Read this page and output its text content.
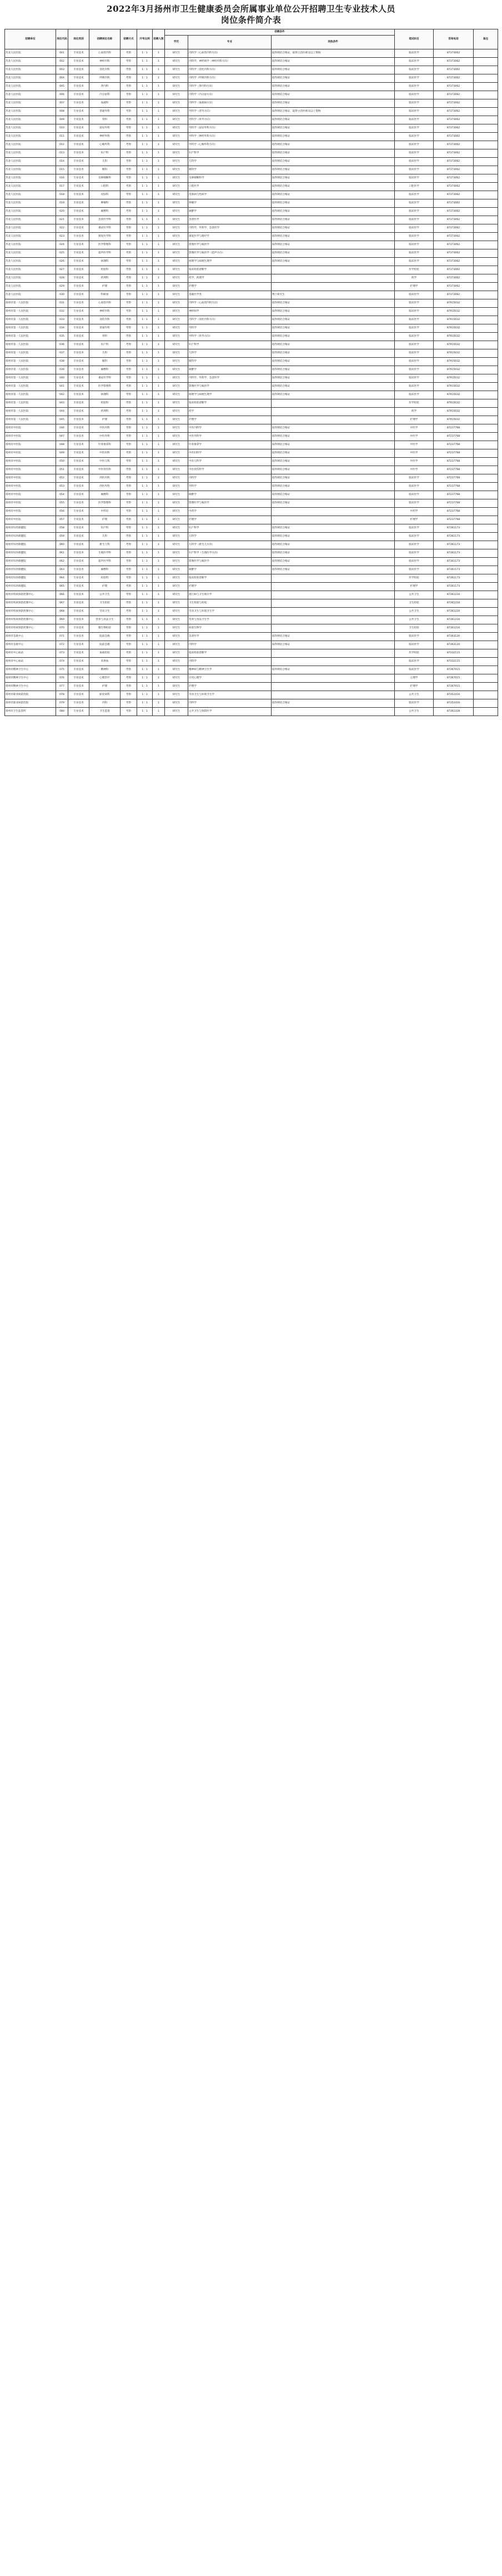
2022年3月扬州市卫生健康委员会所属事业单位公开招聘卫生专业技术人员
岗位条件简介表
招聘单位	岗位代码	岗位类别	招聘岗位名称	招聘方式	开考比例	招聘人数	招聘条件			笔试科目	咨询电话	备注
							学历	专业	其他条件			
苏北人民医院	001	专业技术	心血管内科	考察	1：1	1	研究生	内科学（心血管内科方向）	取得规培合格证，取得主治医师及以上资格	临床医学	87373062	
苏北人民医院	002	专业技术	神经内科	考察	1：1	1	研究生	内科学、神经病学（神经内科方向）	取得规培合格证	临床医学	87373062	
苏北人民医院	003	专业技术	消化内科	考察	1：1	1	研究生	内科学（消化内科方向）	取得规培合格证	临床医学	87373062	
苏北人民医院	004	专业技术	呼吸内科	考察	1：1	1	研究生	内科学（呼吸内科方向）	取得规培合格证	临床医学	87373062	
苏北人民医院	005	专业技术	肾内科	考察	1：1	1	研究生	内科学（肾内科方向）	取得规培合格证	临床医学	87373062	
苏北人民医院	006	专业技术	内分泌科	考察	1：1	1	研究生	内科学（内分泌方向）	取得规培合格证	临床医学	87373062	
苏北人民医院	007	专业技术	血液科	考察	1：1	1	研究生	内科学（血液病方向）	取得规培合格证	临床医学	87373062	
苏北人民医院	008	专业技术	普通外科	考察	1：1	1	研究生	外科学（普外方向）	取得规培合格证，取得主治医师及以上资格	临床医学	87373062	
苏北人民医院	009	专业技术	骨科	考察	1：1	1	研究生	外科学（骨外方向）	取得规培合格证	临床医学	87373062	
苏北人民医院	010	专业技术	泌尿外科	考察	1：1	1	研究生	外科学（泌尿外科方向）	取得规培合格证	临床医学	87373062	
苏北人民医院	011	专业技术	神经外科	考察	1：1	1	研究生	外科学（神经外科方向）	取得规培合格证	临床医学	87373062	
苏北人民医院	012	专业技术	心胸外科	考察	1：1	1	研究生	外科学（心胸外科方向）	取得规培合格证	临床医学	87373062	
苏北人民医院	013	专业技术	妇产科	考察	1：1	1	研究生	妇产科学	取得规培合格证	临床医学	87373062	
苏北人民医院	014	专业技术	儿科	考察	1：1	1	研究生	儿科学	取得规培合格证	临床医学	87373062	
苏北人民医院	015	专业技术	眼科	考察	1：1	1	研究生	眼科学	取得规培合格证	临床医学	87373062	
苏北人民医院	016	专业技术	耳鼻咽喉科	考察	1：1	1	研究生	耳鼻咽喉科学	取得规培合格证	临床医学	87373062	
苏北人民医院	017	专业技术	口腔科	考察	1：1	1	研究生	口腔医学	取得规培合格证	口腔医学	87373062	
苏北人民医院	018	专业技术	皮肤科	考察	1：1	1	研究生	皮肤病与性病学	取得规培合格证	临床医学	87373062	
苏北人民医院	019	专业技术	肿瘤科	考察	1：1	1	研究生	肿瘤学	取得规培合格证	临床医学	87373062	
苏北人民医院	020	专业技术	麻醉科	考察	1：1	1	研究生	麻醉学	取得规培合格证	临床医学	87373062	
苏北人民医院	021	专业技术	急诊医学科	考察	1：1	1	研究生	急诊医学	取得规培合格证	临床医学	87373062	
苏北人民医院	022	专业技术	重症医学科	考察	1：1	1	研究生	内科学、外科学、急诊医学	取得规培合格证	临床医学	87373062	
苏北人民医院	023	专业技术	康复医学科	考察	1：1	1	研究生	康复医学与理疗学	取得规培合格证	临床医学	87373062	
苏北人民医院	024	专业技术	医学影像科	考察	1：1	1	研究生	影像医学与核医学	取得规培合格证	临床医学	87373062	
苏北人民医院	025	专业技术	超声医学科	考察	1：1	1	研究生	影像医学与核医学（超声方向）	取得规培合格证	临床医学	87373062	
苏北人民医院	026	专业技术	病理科	考察	1：1	1	研究生	病理学与病理生理学	取得规培合格证	临床医学	87373062	
苏北人民医院	027	专业技术	检验科	考察	1：1	1	研究生	临床检验诊断学		医学检验	87373062	
苏北人民医院	028	专业技术	药剂科	考察	1：1	1	研究生	药学、药理学		药学	87373062	
苏北人民医院	029	专业技术	护理	考察	1：1	1	研究生	护理学		护理学	87373062	
苏北人民医院	030	专业技术	科研岗	考察	1：1	1	研究生	基础医学类	博士研究生	临床医学	87373062	
扬州市第一人民医院	031	专业技术	心血管内科	考察	1：1	1	研究生	内科学（心血管内科方向）	取得规培合格证	临床医学	87915032	
扬州市第一人民医院	032	专业技术	神经内科	考察	1：1	1	研究生	神经病学	取得规培合格证	临床医学	87915032	
扬州市第一人民医院	033	专业技术	消化内科	考察	1：1	1	研究生	内科学（消化内科方向）	取得规培合格证	临床医学	87915032	
扬州市第一人民医院	034	专业技术	普通外科	考察	1：1	1	研究生	外科学	取得规培合格证	临床医学	87915032	
扬州市第一人民医院	035	专业技术	骨科	考察	1：1	1	研究生	外科学（骨外方向）	取得规培合格证	临床医学	87915032	
扬州市第一人民医院	036	专业技术	妇产科	考察	1：1	1	研究生	妇产科学	取得规培合格证	临床医学	87915032	
扬州市第一人民医院	037	专业技术	儿科	考察	1：1	1	研究生	儿科学	取得规培合格证	临床医学	87915032	
扬州市第一人民医院	038	专业技术	眼科	考察	1：1	1	研究生	眼科学	取得规培合格证	临床医学	87915032	
扬州市第一人民医院	039	专业技术	麻醉科	考察	1：1	1	研究生	麻醉学	取得规培合格证	临床医学	87915032	
扬州市第一人民医院	040	专业技术	重症医学科	考察	1：1	1	研究生	内科学、外科学、急诊医学	取得规培合格证	临床医学	87915032	
扬州市第一人民医院	041	专业技术	医学影像科	考察	1：1	1	研究生	影像医学与核医学	取得规培合格证	临床医学	87915032	
扬州市第一人民医院	042	专业技术	病理科	考察	1：1	1	研究生	病理学与病理生理学	取得规培合格证	临床医学	87915032	
扬州市第一人民医院	043	专业技术	检验科	考察	1：1	1	研究生	临床检验诊断学		医学检验	87915032	
扬州市第一人民医院	044	专业技术	药剂科	考察	1：1	1	研究生	药学		药学	87915032	
扬州市第一人民医院	045	专业技术	护理	考察	1：1	1	研究生	护理学		护理学	87915032	
扬州市中医院	046	专业技术	中医内科	考察	1：1	1	研究生	中医内科学	取得规培合格证	中医学	87237768	
扬州市中医院	047	专业技术	中医外科	考察	1：1	1	研究生	中医外科学	取得规培合格证	中医学	87237768	
扬州市中医院	048	专业技术	针灸推拿科	考察	1：1	1	研究生	针灸推拿学	取得规培合格证	中医学	87237768	
扬州市中医院	049	专业技术	中医妇科	考察	1：1	1	研究生	中医妇科学	取得规培合格证	中医学	87237768	
扬州市中医院	050	专业技术	中医儿科	考察	1：1	1	研究生	中医儿科学	取得规培合格证	中医学	87237768	
扬州市中医院	051	专业技术	中医骨伤科	考察	1：1	1	研究生	中医骨伤科学	取得规培合格证	中医学	87237768	
扬州市中医院	052	专业技术	西医内科	考察	1：1	1	研究生	内科学	取得规培合格证	临床医学	87237768	
扬州市中医院	053	专业技术	西医外科	考察	1：1	1	研究生	外科学	取得规培合格证	临床医学	87237768	
扬州市中医院	054	专业技术	麻醉科	考察	1：1	1	研究生	麻醉学	取得规培合格证	临床医学	87237768	
扬州市中医院	055	专业技术	医学影像科	考察	1：1	1	研究生	影像医学与核医学	取得规培合格证	临床医学	87237768	
扬州市中医院	056	专业技术	中药房	考察	1：1	1	研究生	中药学		中药学	87237768	
扬州市中医院	057	专业技术	护理	考察	1：1	1	研究生	护理学		护理学	87237768	
扬州市妇幼保健院	058	专业技术	妇产科	考察	1：1	1	研究生	妇产科学	取得规培合格证	临床医学	87361173	
扬州市妇幼保健院	059	专业技术	儿科	考察	1：1	1	研究生	儿科学	取得规培合格证	临床医学	87361173	
扬州市妇幼保健院	060	专业技术	新生儿科	考察	1：1	1	研究生	儿科学（新生儿方向）	取得规培合格证	临床医学	87361173	
扬州市妇幼保健院	061	专业技术	生殖医学科	考察	1：1	1	研究生	妇产科学（生殖医学方向）	取得规培合格证	临床医学	87361173	
扬州市妇幼保健院	062	专业技术	超声医学科	考察	1：1	1	研究生	影像医学与核医学	取得规培合格证	临床医学	87361173	
扬州市妇幼保健院	063	专业技术	麻醉科	考察	1：1	1	研究生	麻醉学	取得规培合格证	临床医学	87361173	
扬州市妇幼保健院	064	专业技术	检验科	考察	1：1	1	研究生	临床检验诊断学		医学检验	87361173	
扬州市妇幼保健院	065	专业技术	护理	考察	1：1	1	研究生	护理学		护理学	87361173	
扬州市疾病预防控制中心	066	专业技术	公共卫生	考察	1：1	1	研究生	流行病与卫生统计学		公共卫生	87361216	
扬州市疾病预防控制中心	067	专业技术	卫生检验	考察	1：1	1	研究生	卫生检验与检疫		卫生检验	87361216	
扬州市疾病预防控制中心	068	专业技术	劳动卫生	考察	1：1	1	研究生	劳动卫生与环境卫生学		公共卫生	87361216	
扬州市疾病预防控制中心	069	专业技术	营养与食品卫生	考察	1：1	1	研究生	营养与食品卫生学		公共卫生	87361216	
扬州市疾病预防控制中心	070	专业技术	微生物检验	考察	1：1	1	研究生	病原生物学		卫生检验	87361216	
扬州市急救中心	071	专业技术	院前急救	考察	1：1	1	研究生	急诊医学	取得规培合格证	临床医学	87363120	
扬州市急救中心	072	专业技术	院前急救	考察	1：1	1	研究生	内科学	取得规培合格证	临床医学	87363120	
扬州市中心血站	073	专业技术	血液检验	考察	1：1	1	研究生	临床检验诊断学		医学检验	87332115	
扬州市中心血站	074	专业技术	采供血	考察	1：1	1	研究生	内科学		临床医学	87332115	
扬州市精神卫生中心	075	专业技术	精神科	考察	1：1	1	研究生	精神病与精神卫生学	取得规培合格证	临床医学	87367015	
扬州市精神卫生中心	076	专业技术	心理治疗	考察	1：1	1	研究生	应用心理学		心理学	87367015	
扬州市精神卫生中心	077	专业技术	护理	考察	1：1	1	研究生	护理学		护理学	87367015	
扬州市职业病防治院	078	专业技术	职业病科	考察	1：1	1	研究生	劳动卫生与环境卫生学		公共卫生	87352416	
扬州市职业病防治院	079	专业技术	内科	考察	1：1	1	研究生	内科学	取得规培合格证	临床医学	87352416	
扬州市卫生监督所	080	专业技术	卫生监督	考察	1：1	1	研究生	公共卫生与预防医学		公共卫生	87361328	
